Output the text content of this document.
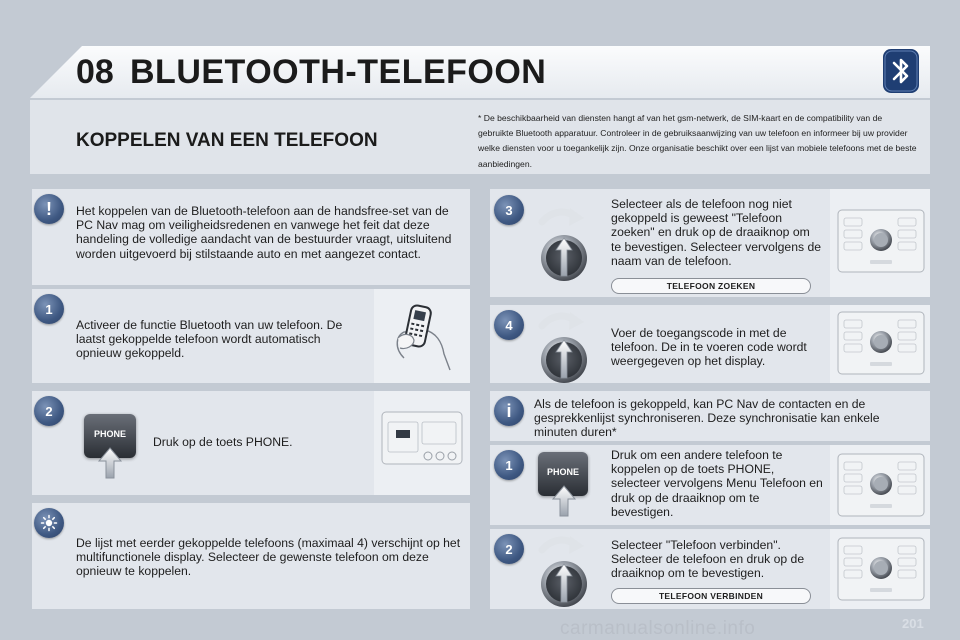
08 BLUETOOTH-TELEFOON
KOPPELEN VAN EEN TELEFOON
* De beschikbaarheid van diensten hangt af van het gsm-netwerk, de SIM-kaart en de compatibility van de gebruikte Bluetooth apparatuur. Controleer in de gebruiksaanwijzing van uw telefoon en informeer bij uw provider welke diensten voor u toegankelijk zijn. Onze organisatie beschikt over een lijst van mobiele telefoons met de beste aanbiedingen.
!	Het koppelen van de Bluetooth-telefoon aan de handsfree-set van de PC Nav mag om veiligheidsredenen en vanwege het feit dat deze handeling de volledige aandacht van de bestuurder vraagt, uitsluitend worden uitgevoerd bij stilstaande auto en met aangezet contact.
1
Activeer de functie Bluetooth van uw telefoon. De laatst gekoppelde telefoon wordt automatisch opnieuw gekoppeld.
2
PHONE
Druk op de toets PHONE.
De lijst met eerder gekoppelde telefoons (maximaal 4) verschijnt op het multifunctionele display. Selecteer de gewenste telefoon om deze opnieuw te koppelen.
3	Selecteer als de telefoon nog niet gekoppeld is geweest "Telefoon zoeken" en druk op de draaiknop om te bevestigen. Selecteer vervolgens de naam van de telefoon.
TELEFOON ZOEKEN
4
Voer de toegangscode in met de telefoon. De in te voeren code wordt weergegeven op het display.
i	Als de telefoon is gekoppeld, kan PC Nav de contacten en de gesprekkenlijst synchroniseren. Deze synchronisatie kan enkele minuten duren*
1	PHONE
Druk om een andere telefoon te koppelen op de toets PHONE, selecteer vervolgens Menu Telefoon en druk op de draaiknop om te bevestigen.
2	Selecteer "Telefoon verbinden". Selecteer de telefoon en druk op de draaiknop om te bevestigen.
TELEFOON VERBINDEN
carmanualsonline.info	201
